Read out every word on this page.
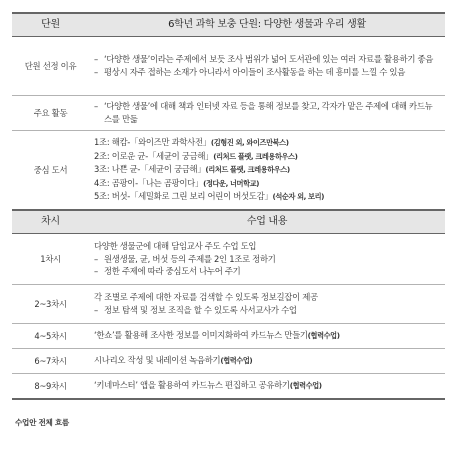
단원	6학년 과학 보충 단원: 다양한 생물과 우리 생활
단원 선정 이유	– ‘다양한 생물’이라는 주제에서 보듯 조사 범위가 넓어 도서관에 있는 여러 자료를 활용하기 좋음
– 평상시 자주 접하는 소재가 아니라서 아이들이 조사활동을 하는 데 흥미를 느낄 수 있음

주요 활동	– ‘다양한 생물’에 대해 책과 인터넷 자료 등을 통해 정보를 찾고, 각자가 맡은 주제에 대해 카드뉴스를 만듦

중심 도서	1조: 해캄-「와이즈만 과학사전」(김형진 외, 와이즈만북스)
2조: 이로운 균-「세균이 궁금해」(리처드 플랫, 크레용하우스)
3조: 나쁜 균-「세균이 궁금해」(리처드 플랫, 크레용하우스)
4조: 곰팡이-「나는 곰팡이다」(정다운, 너머학교)
5조: 버섯-「세밀화로 그린 보리 어린이 버섯도감」(석순자 외, 보리)

차시	수업 내용
1차시	다양한 생물군에 대해 담임교사 주도 수업 도입
– 원생생물, 균, 버섯 등의 주제를 2인 1조로 정하기
– 정한 주제에 따라 중심도서 나누어 주기

2~3차시	각 조별로 주제에 대한 자료를 검색할 수 있도록 정보길잡이 제공
– 정보 탐색 및 정보 조직을 할 수 있도록 사서교사가 수업

4~5차시	‘한쇼’를 활용해 조사한 정보를 이미지화하여 카드뉴스 만들기(협력수업)
6~7차시	시나리오 작성 및 내레이션 녹음하기(협력수업)
8~9차시	‘키네마스터’ 앱을 활용하여 카드뉴스 편집하고 공유하기(협력수업)
수업안 전체 흐름
